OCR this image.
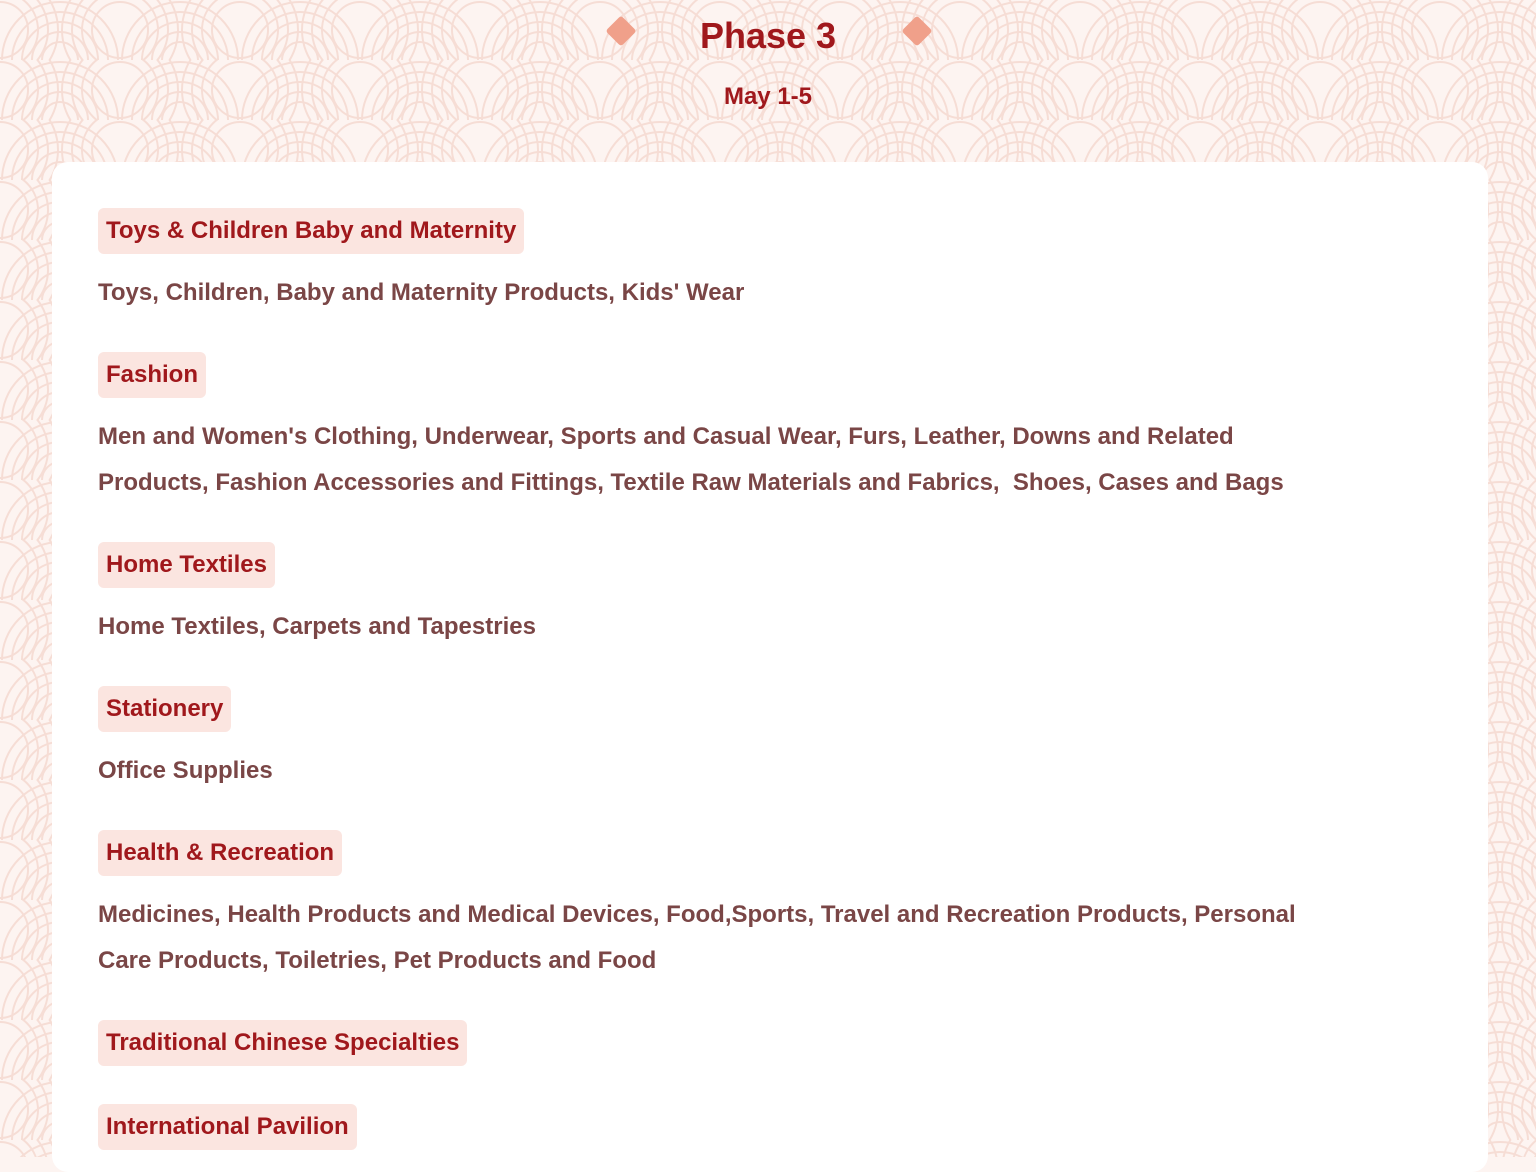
Phase 3

May 1-5

Toys & Children Baby and Maternity

Toys, Children, Baby and Maternity Products, Kids' Wear

Fashion

Men and Women's Clothing, Underwear, Sports and Casual Wear, Furs, Leather, Downs and Related Products, Fashion Accessories and Fittings, Textile Raw Materials and Fabrics,  Shoes, Cases and Bags

Home Textiles

Home Textiles, Carpets and Tapestries

Stationery

Office Supplies

Health & Recreation

Medicines, Health Products and Medical Devices, Food,Sports, Travel and Recreation Products, Personal Care Products, Toiletries, Pet Products and Food

Traditional Chinese Specialties
International Pavilion
